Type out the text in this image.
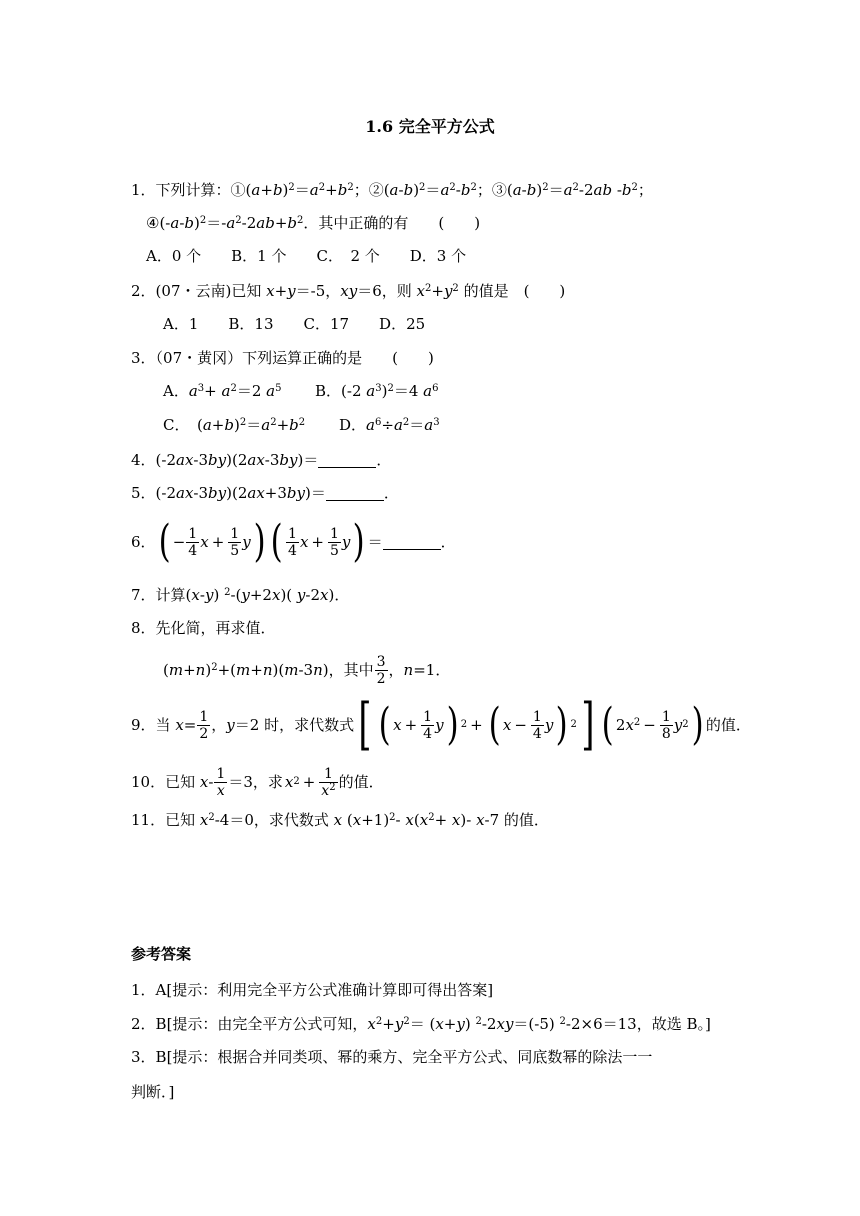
1.6 完全平方公式
1．下列计算：$①(a+b)^2=a^2+b^2$；$②(a-b)^2=a^2-b^2$；$③(a-b)^2=a^2-2ab$ $-b^2$；
$④(-a-b)^2=-a^2-2ab+b^2$．其中正确的有　　(　　)
A．0 个　　B．1 个　　C．　2 个　　D．3 个
2．(07・云南)已知 x+y＝-5，xy＝6，则 $x^2+y^2$ 的值是　(　　)
A．1　　B．13　　C．17　　D．25
3．（07・黄冈）下列运算正确的是　　(　　)
A．$a^3+ a^2=2$ $a^5$ B．(-2 $a^3)^2=4$ $a^6$
C．　$(a+b)^2=a^2+b^2$ D．$a^6\div a^2=a^3$
4．(-2ax-3by)(2ax-3by)＝	．
5．(-2ax-3by)(2ax+3by)＝	．
6． ( − $\frac{1}{4}$ $x + \frac{1}{5}$ y ) ( $\frac{1}{4}$ $x + \frac{1}{5}$ y ) ＝	．
7．计算(x-y) $^2$-(y+2x)( y-2x)．
8．先化简，再求值．
$(m+n)^2+(m+n)(m-3n)$，其中 $\frac{3}{2}$ ，n=1．
9．当 $x= \frac{1}{2}$ ，y＝2 时，求代数式 [ ( $x + \frac{1}{4}$ y ) 2 + ( $x - \frac{1}{4}$ y ) 2 ] ( $2x^2 - \frac{1}{8}$ y 2 ) 的值．
10．已知 $x- \frac{1}{x} =3$，求 x $2 + \frac{1}{x^2}$ 的值．
11．已知 $x^2-4=0$，求代数式 x $(x+1)^2-$ $x(x^2+ x)-$ x-7 的值．
参考答案
1．A[提示：利用完全平方公式准确计算即可得出答案]
2．B[提示：由完全平方公式可知，$x^2+y^2= (x+y)$ $^2$-2xy＝(-5) $^2$-2×6＝13，故选 B。]
3．B[提示：根据合并同类项、幂的乘方、完全平方公式、同底数幂的除法一一
判断．]
